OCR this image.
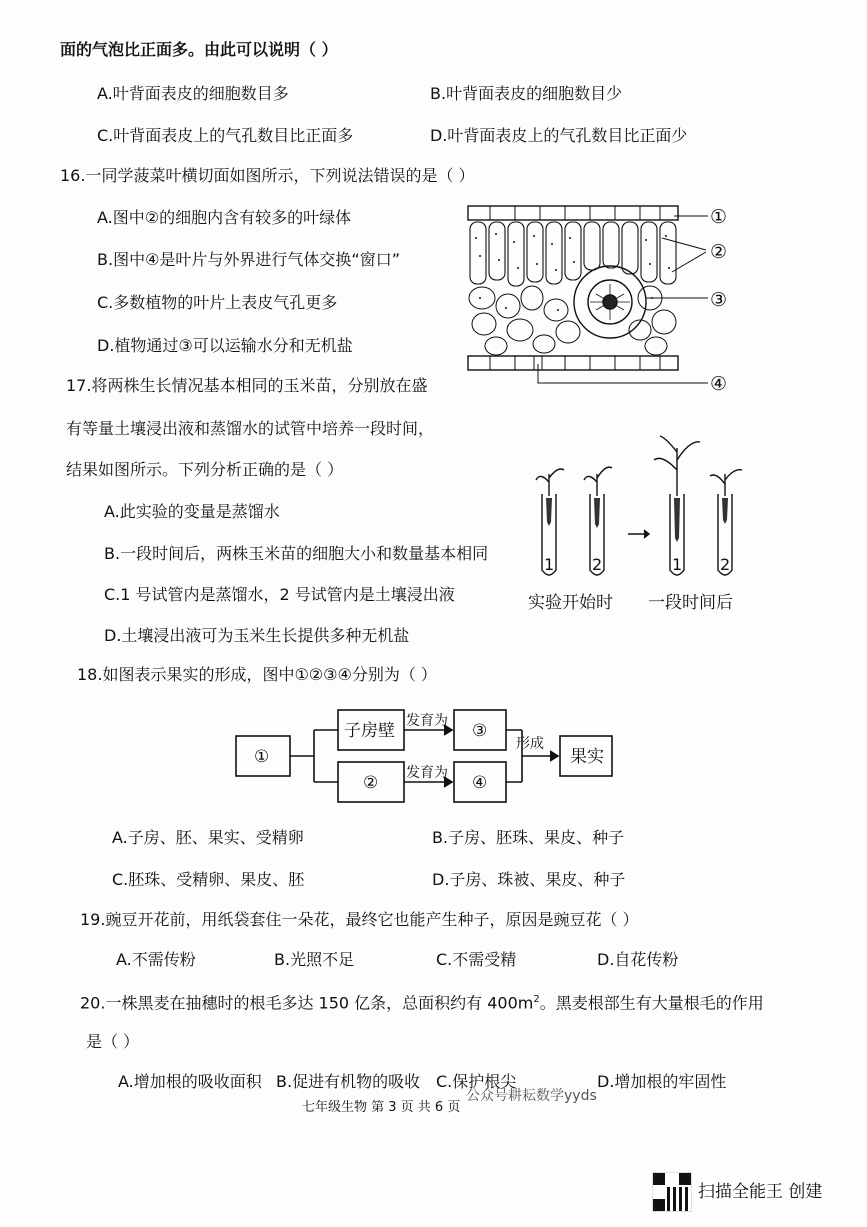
面的气泡比正面多。由此可以说明（ ）
A.叶背面表皮的细胞数目多	B.叶背面表皮的细胞数目少
C.叶背面表皮上的气孔数目比正面多	D.叶背面表皮上的气孔数目比正面少
16.一同学菠菜叶横切面如图所示，下列说法错误的是（ ）
A.图中②的细胞内含有较多的叶绿体
B.图中④是叶片与外界进行气体交换“窗口”
C.多数植物的叶片上表皮气孔更多
D.植物通过③可以运输水分和无机盐
①
②
③
④
17.将两株生长情况基本相同的玉米苗，分别放在盛
有等量土壤浸出液和蒸馏水的试管中培养一段时间，
结果如图所示。下列分析正确的是（ ）
A.此实验的变量是蒸馏水
B.一段时间后，两株玉米苗的细胞大小和数量基本相同
C.1 号试管内是蒸馏水，2 号试管内是土壤浸出液
D.土壤浸出液可为玉米生长提供多种无机盐
1 2	1 2
实验开始时 一段时间后
18.如图表示果实的形成，图中①②③④分别为（ ）
①
子房壁
②
③
④
果实
发育为
发育为
形成
A.子房、胚、果实、受精卵	B.子房、胚珠、果皮、种子
C.胚珠、受精卵、果皮、胚	D.子房、珠被、果皮、种子
19.豌豆开花前，用纸袋套住一朵花，最终它也能产生种子，原因是豌豆花（ ）
A.不需传粉	B.光照不足	C.不需受精	D.自花传粉
20.一株黑麦在抽穗时的根毛多达 150 亿条，总面积约有 $400m^2$。黑麦根部生有大量根毛的作用
是（ ）
A.增加根的吸收面积 B.促进有机物的吸收 C.保护根尖	D.增加根的牢固性
七年级生物 第 3 页 共 6 页
公众号耕耘数学yyds
扫描全能王 创建
